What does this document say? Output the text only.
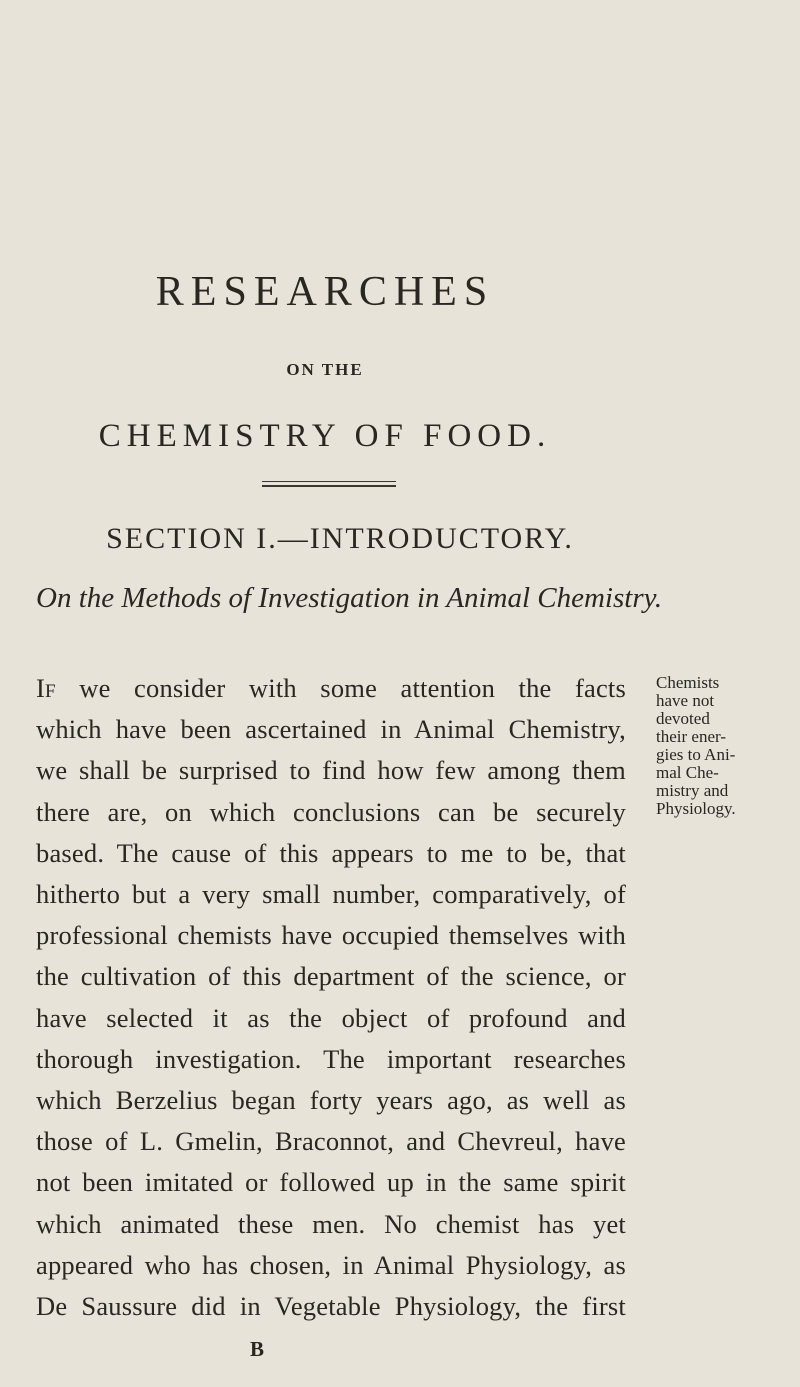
RESEARCHES
ON THE
CHEMISTRY OF FOOD.
SECTION I.—INTRODUCTORY.
On the Methods of Investigation in Animal Chemistry.
If we consider with some attention the facts
which have been ascertained in Animal Chemistry,
we shall be surprised to find how few among them
there are, on which conclusions can be securely
based. The cause of this appears to me to be, that
hitherto but a very small number, comparatively, of
professional chemists have occupied themselves with
the cultivation of this department of the science, or
have selected it as the object of profound and
thorough investigation. The important researches
which Berzelius began forty years ago, as well as
those of L. Gmelin, Braconnot, and Chevreul, have
not been imitated or followed up in the same spirit
which animated these men. No chemist has yet
appeared who has chosen, in Animal Physiology, as
De Saussure did in Vegetable Physiology, the first
Chemists
have not
devoted
their ener-
gies to Ani-
mal Che-
mistry and
Physiology.
B
